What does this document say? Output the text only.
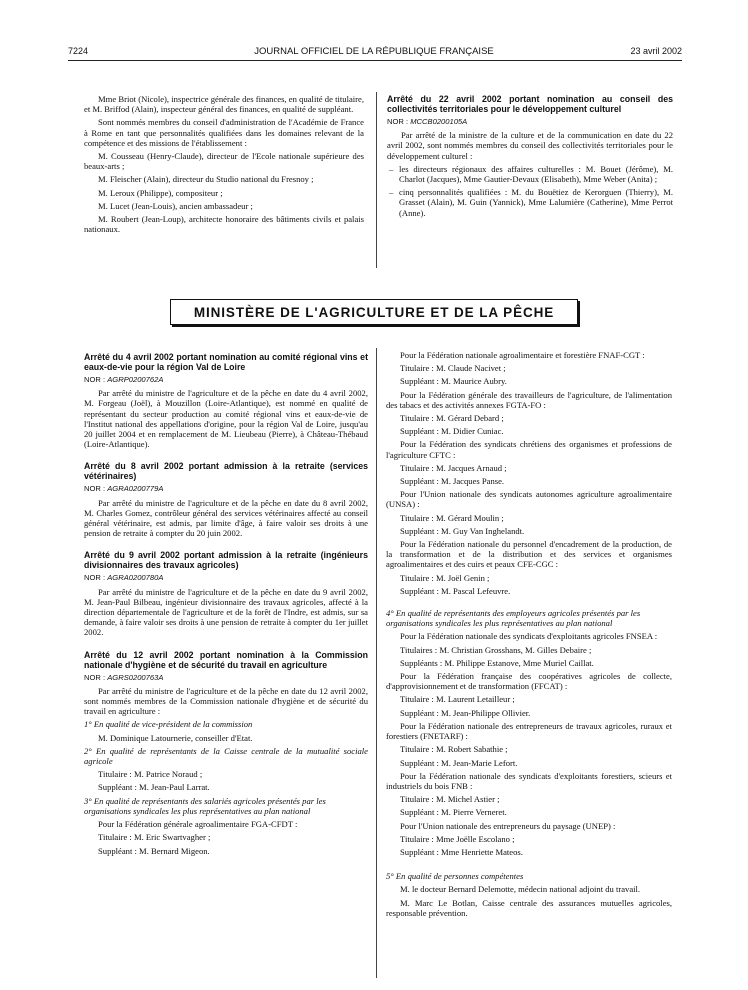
7224	JOURNAL OFFICIEL DE LA RÉPUBLIQUE FRANÇAISE	23 avril 2002

Mme Briot (Nicole), inspectrice générale des finances, en qualité de titulaire, et M. Briffod (Alain), inspecteur général des finances, en qualité de suppléant.

Sont nommés membres du conseil d'administration de l'Académie de France à Rome en tant que personnalités qualifiées dans les domaines relevant de la compétence et des missions de l'établissement :

M. Cousseau (Henry-Claude), directeur de l'Ecole nationale supérieure des beaux-arts ;

M. Fleischer (Alain), directeur du Studio national du Fresnoy ;

M. Leroux (Philippe), compositeur ;

M. Lucet (Jean-Louis), ancien ambassadeur ;

M. Roubert (Jean-Loup), architecte honoraire des bâtiments civils et palais nationaux.

Arrêté du 22 avril 2002 portant nomination au conseil des collectivités territoriales pour le développement culturel

NOR : MCCB0200105A

Par arrêté de la ministre de la culture et de la communication en date du 22 avril 2002, sont nommés membres du conseil des collectivités territoriales pour le développement culturel :

– les directeurs régionaux des affaires culturelles : M. Bouet (Jérôme), M. Charlot (Jacques), Mme Gautier-Devaux (Elisabeth), Mme Weber (Anita) ;
– cinq personnalités qualifiées : M. du Bouëtiez de Kerorguen (Thierry), M. Grasset (Alain), M. Guin (Yannick), Mme Lalumière (Catherine), Mme Perrot (Anne).
MINISTÈRE DE L'AGRICULTURE ET DE LA PÊCHE

Arrêté du 4 avril 2002 portant nomination au comité régional vins et eaux-de-vie pour la région Val de Loire

NOR : AGRP0200762A

Par arrêté du ministre de l'agriculture et de la pêche en date du 4 avril 2002, M. Forgeau (Joël), à Mouzillon (Loire-Atlantique), est nommé en qualité de représentant du secteur production au comité régional vins et eaux-de-vie de l'Institut national des appellations d'origine, pour la région Val de Loire, jusqu'au 20 juillet 2004 et en remplacement de M. Lieubeau (Pierre), à Château-Thébaud (Loire-Atlantique).

Arrêté du 8 avril 2002 portant admission à la retraite (services vétérinaires)

NOR : AGRA0200779A

Par arrêté du ministre de l'agriculture et de la pêche en date du 8 avril 2002, M. Charles Gomez, contrôleur général des services vétérinaires affecté au conseil général vétérinaire, est admis, par limite d'âge, à faire valoir ses droits à une pension de retraite à compter du 20 juin 2002.

Arrêté du 9 avril 2002 portant admission à la retraite (ingénieurs divisionnaires des travaux agricoles)

NOR : AGRA0200780A

Par arrêté du ministre de l'agriculture et de la pêche en date du 9 avril 2002, M. Jean-Paul Bilbeau, ingénieur divisionnaire des travaux agricoles, affecté à la direction départementale de l'agriculture et de la forêt de l'Indre, est admis, sur sa demande, à faire valoir ses droits à une pension de retraite à compter du 1er juillet 2002.

Arrêté du 12 avril 2002 portant nomination à la Commission nationale d'hygiène et de sécurité du travail en agriculture

NOR : AGRS0200763A

Par arrêté du ministre de l'agriculture et de la pêche en date du 12 avril 2002, sont nommés membres de la Commission nationale d'hygiène et de sécurité du travail en agriculture :

1° En qualité de vice-président de la commission

M. Dominique Latournerie, conseiller d'Etat.

2° En qualité de représentants de la Caisse centrale de la mutualité sociale agricole

Titulaire : M. Patrice Noraud ;

Suppléant : M. Jean-Paul Larrat.

3° En qualité de représentants des salariés agricoles présentés par les organisations syndicales les plus représentatives au plan national

Pour la Fédération générale agroalimentaire FGA-CFDT :

Titulaire : M. Eric Swartvagher ;

Suppléant : M. Bernard Migeon.

Pour la Fédération nationale agroalimentaire et forestière FNAF-CGT :

Titulaire : M. Claude Nacivet ;

Suppléant : M. Maurice Aubry.

Pour la Fédération générale des travailleurs de l'agriculture, de l'alimentation des tabacs et des activités annexes FGTA-FO :

Titulaire : M. Gérard Debard ;

Suppléant : M. Didier Cuniac.

Pour la Fédération des syndicats chrétiens des organismes et professions de l'agriculture CFTC :

Titulaire : M. Jacques Arnaud ;

Suppléant : M. Jacques Panse.

Pour l'Union nationale des syndicats autonomes agriculture agroalimentaire (UNSA) :

Titulaire : M. Gérard Moulin ;

Suppléant : M. Guy Van Inghelandt.

Pour la Fédération nationale du personnel d'encadrement de la production, de la transformation et de la distribution et des services et organismes agroalimentaires et des cuirs et peaux CFE-CGC :

Titulaire : M. Joël Genin ;

Suppléant : M. Pascal Lefeuvre.

4° En qualité de représentants des employeurs agricoles présentés par les organisations syndicales les plus représentatives au plan national

Pour la Fédération nationale des syndicats d'exploitants agricoles FNSEA :

Titulaires : M. Christian Grosshans, M. Gilles Debaire ;

Suppléants : M. Philippe Estanove, Mme Muriel Caillat.

Pour la Fédération française des coopératives agricoles de collecte, d'approvisionnement et de transformation (FFCAT) :

Titulaire : M. Laurent Letailleur ;

Suppléant : M. Jean-Philippe Ollivier.

Pour la Fédération nationale des entrepreneurs de travaux agricoles, ruraux et forestiers (FNETARF) :

Titulaire : M. Robert Sabathie ;

Suppléant : M. Jean-Marie Lefort.

Pour la Fédération nationale des syndicats d'exploitants forestiers, scieurs et industriels du bois FNB :

Titulaire : M. Michel Astier ;

Suppléant : M. Pierre Verneret.

Pour l'Union nationale des entrepreneurs du paysage (UNEP) :

Titulaire : Mme Joëlle Escolano ;

Suppléant : Mme Henriette Mateos.

5° En qualité de personnes compétentes

M. le docteur Bernard Delemotte, médecin national adjoint du travail.

M. Marc Le Botlan, Caisse centrale des assurances mutuelles agricoles, responsable prévention.
